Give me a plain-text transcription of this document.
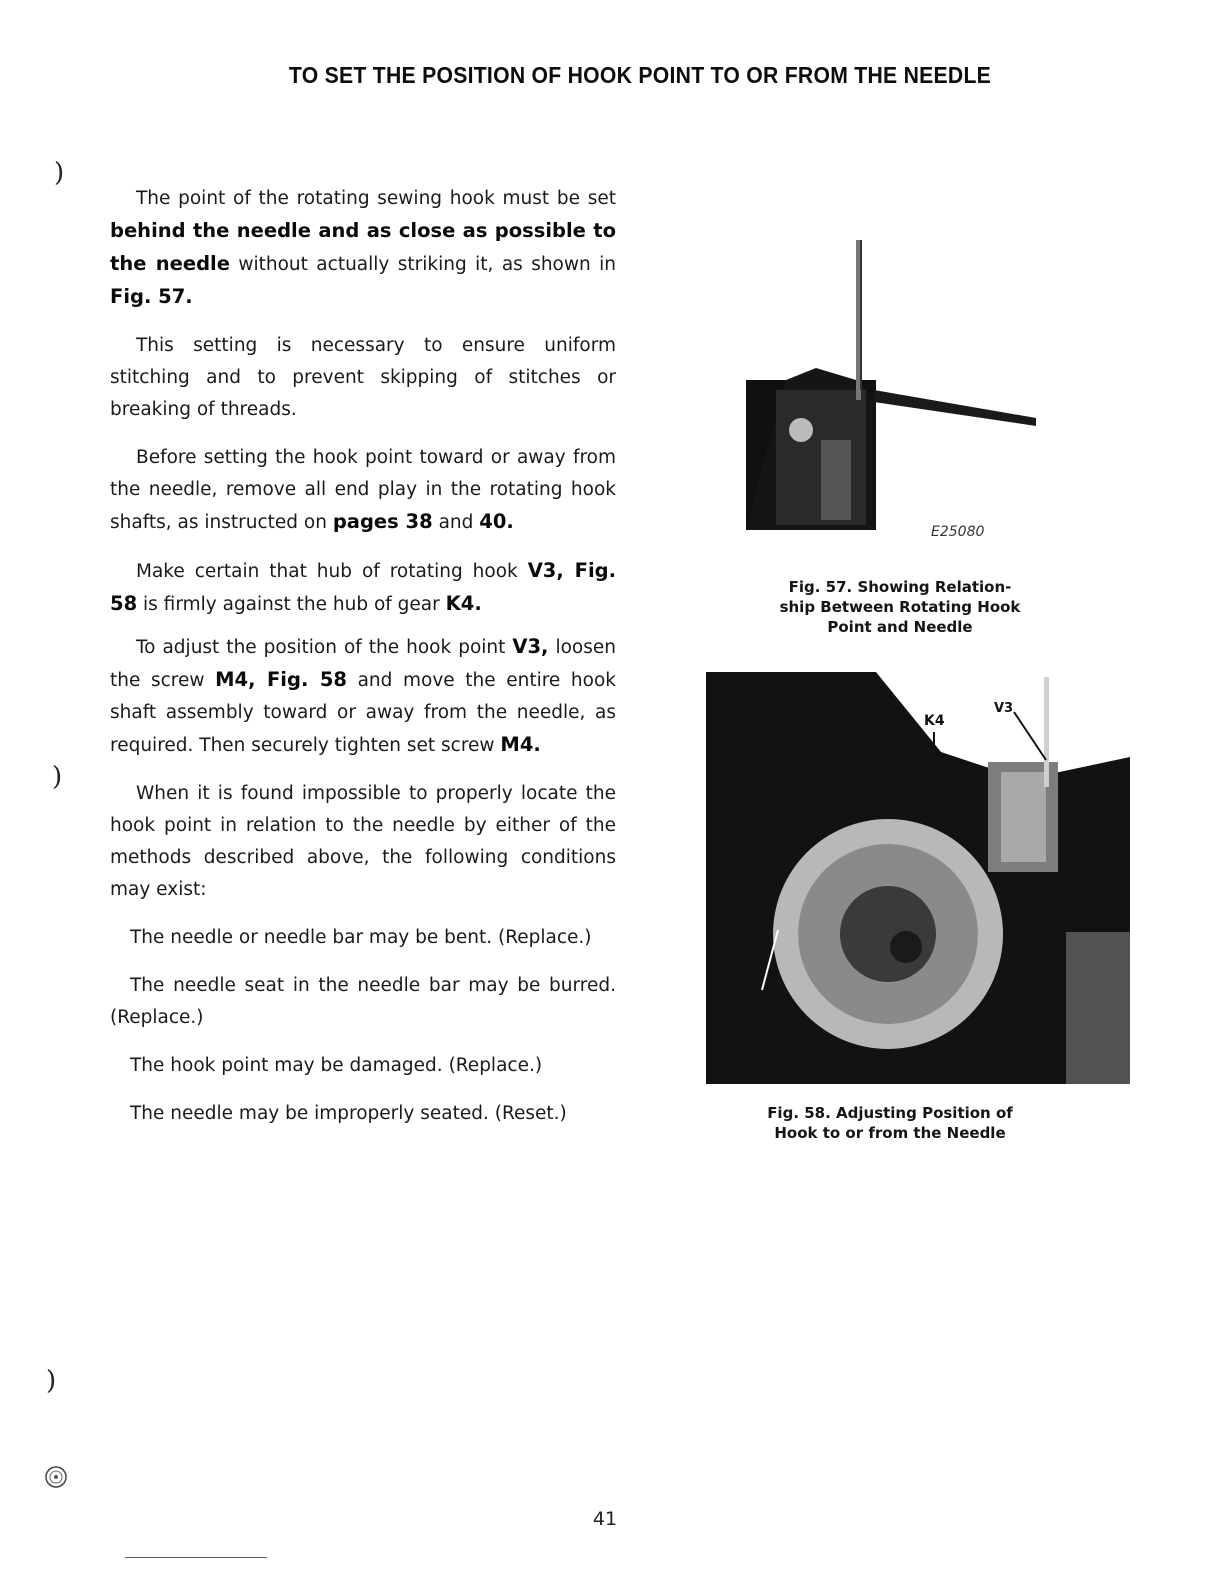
TO SET THE POSITION OF HOOK POINT TO OR FROM THE NEEDLE
)
)
)

The point of the rotating sewing hook must be set behind the needle and as close as possible to the needle without actually striking it, as shown in Fig. 57.

This setting is necessary to ensure uniform stitching and to prevent skipping of stitches or breaking of threads.

Before setting the hook point toward or away from the needle, remove all end play in the rotating hook shafts, as instructed on pages 38 and 40.

Make certain that hub of rotating hook V3, Fig. 58 is firmly against the hub of gear K4.

To adjust the position of the hook point V3, loosen the screw M4, Fig. 58 and move the entire hook shaft assembly toward or away from the needle, as required. Then securely tighten set screw M4.

When it is found impossible to properly locate the hook point in relation to the needle by either of the methods described above, the following conditions may exist:

The needle or needle bar may be bent. (Replace.)

The needle seat in the needle bar may be burred. (Replace.)

The hook point may be damaged. (Replace.)

The needle may be improperly seated. (Reset.)

E25080
Fig. 57. Showing Relation-
ship Between Rotating Hook
Point and Needle
K4
V3
M4
Fig. 58. Adjusting Position of
Hook to or from the Needle
41
